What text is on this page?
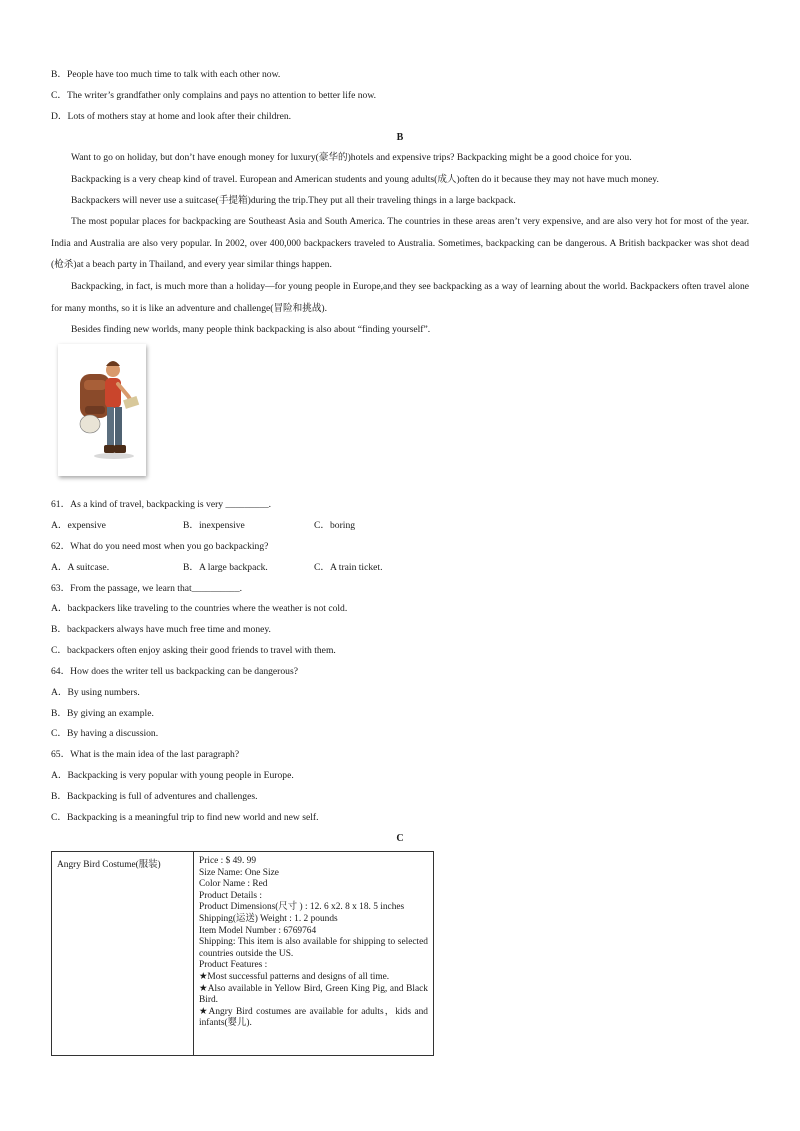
B．People have too much time to talk with each other now.
C．The writer’s grandfather only complains and pays no attention to better life now.
D．Lots of mothers stay at home and look after their children.
B
Want to go on holiday, but don’t have enough money for luxury(豪华的)hotels and expensive trips? Backpacking might be a good choice for you.
Backpacking is a very cheap kind of travel. European and American students and young adults(成人)often do it because they may not have much money.
Backpackers will never use a suitcase(手提箱)during the trip.They put all their traveling things in a large backpack.
The most popular places for backpacking are Southeast Asia and South America. The countries in these areas aren’t very expensive, and are also very hot for most of the year. India and Australia are also very popular. In 2002, over 400,000 backpackers traveled to Australia. Sometimes, backpacking can be dangerous. A British backpacker was shot dead (枪杀)at a beach party in Thailand, and every year similar things happen.
Backpacking, in fact, is much more than a holiday—for young people in Europe,and they see backpacking as a way of learning about the world. Backpackers often travel alone for many months, so it is like an adventure and challenge(冒险和挑战).
Besides finding new worlds, many people think backpacking is also about “finding yourself”.
61．As a kind of travel, backpacking is very _________.
A．expensive	B．inexpensive	C．boring
62．What do you need most when you go backpacking?
A．A suitcase.	B．A large backpack.	C．A train ticket.
63．From the passage, we learn that__________.
A．backpackers like traveling to the countries where the weather is not cold.
B．backpackers always have much free time and money.
C．backpackers often enjoy asking their good friends to travel with them.
64．How does the writer tell us backpacking can be dangerous?
A．By using numbers.
B．By giving an example.
C．By having a discussion.
65．What is the main idea of the last paragraph?
A．Backpacking is very popular with young people in Europe.
B．Backpacking is full of adventures and challenges.
C．Backpacking is a meaningful trip to find new world and new self.
C
Angry Bird Costume(服装)	Price : $ 49. 99
Size Name: One Size
Color Name : Red
Product Details :
Product Dimensions(尺寸 ) : 12. 6 x2. 8 x 18. 5 inches
Shipping(运送) Weight : 1. 2 pounds
Item Model Number : 6769764
Shipping: This item is also available for shipping to selected countries outside the US.
Product Features :
★Most successful patterns and designs of all time.
★Also available in Yellow Bird, Green King Pig, and Black Bird.
★Angry Bird costumes are available for adults，kids and infants(婴儿).
